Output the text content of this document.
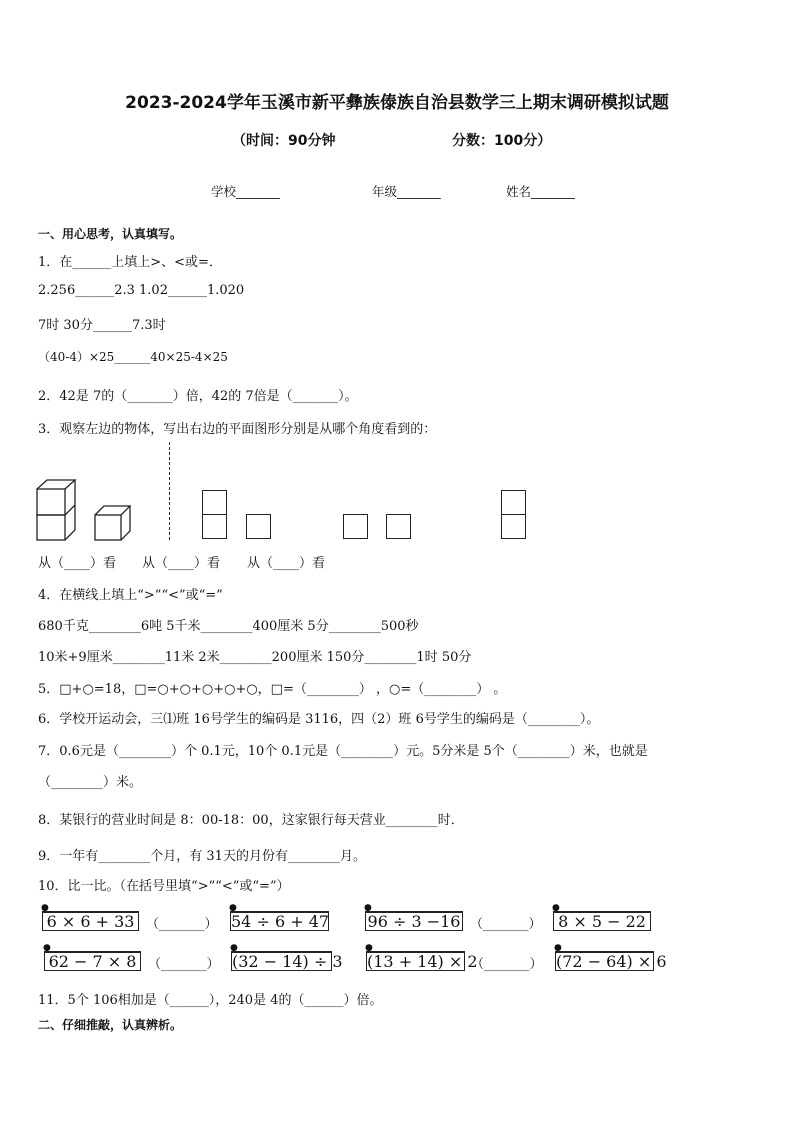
2023-2024学年玉溪市新平彝族傣族自治县数学三上期末调研模拟试题
（时间：90分钟	分数：100分）
学校_______	年级_______	姓名_______
一、用心思考，认真填写。
1．在______上填上>、<或=．
2.256______2.3 1.02______1.020
7时 30分______7.3时
（40-4）×25______40×25-4×25
2．42是 7的（_______）倍，42的 7倍是（_______）。
3．观察左边的物体，写出右边的平面图形分别是从哪个角度看到的：
从（____）看 从（____）看 从（____）看
4．在横线上填上“>”“<”或“=”
680千克________6吨 5千米________400厘米 5分________500秒
10米+9厘米________11米 2米________200厘米 150分________1时 50分
5．□+○=18，□=○+○+○+○+○，□=（________） ，○=（________） 。
6．学校开运动会，三⑴班 16号学生的编码是 3116，四（2）班 6号学生的编码是（________）。
7．0.6元是（________）个 0.1元，10个 0.1元是（________）元。5分米是 5个（________）米，也就是
（________）米。
8．某银行的营业时间是 8：00-18：00，这家银行每天营业________时．
9．一年有________个月，有 31天的月份有________月。
10．比一比。（在括号里填“>”“<”或“=”）
●
6 × 6 + 33 （_______）
●
54 ÷ 6 + 47
●
96 ÷ 3 −16 （_______）
●
8 × 5 − 22
●
62 − 7 × 8 （_______）
●
(32 − 14) ÷ 3
●
(13 + 14) × 2
（_______）
●
(72 − 64) × 6
11．5个 106相加是（______），240是 4的（______）倍。
二、仔细推敲，认真辨析。
